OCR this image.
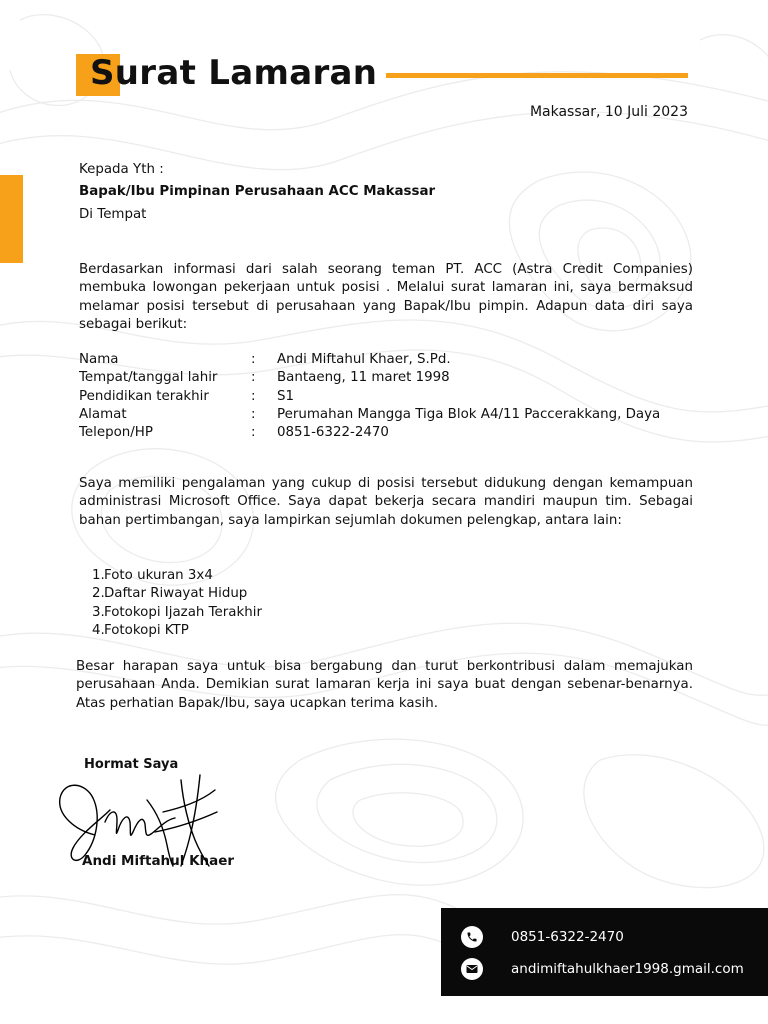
Surat Lamaran
Makassar, 10 Juli 2023
Kepada Yth :
Bapak/Ibu Pimpinan Perusahaan ACC Makassar
Di Tempat
Berdasarkan informasi dari salah seorang teman PT. ACC (Astra Credit Companies) membuka lowongan pekerjaan untuk posisi . Melalui surat lamaran ini, saya bermaksud melamar posisi tersebut di perusahaan yang Bapak/Ibu pimpin. Adapun data diri saya sebagai berikut:
Nama	:	Andi Miftahul Khaer, S.Pd.
Tempat/tanggal lahir	:	Bantaeng, 11 maret 1998
Pendidikan terakhir	:	S1
Alamat	:	Perumahan Mangga Tiga Blok A4/11 Paccerakkang, Daya
Telepon/HP	:	0851-6322-2470
Saya memiliki pengalaman yang cukup di posisi tersebut didukung dengan kemampuan administrasi Microsoft Office. Saya dapat bekerja secara mandiri maupun tim. Sebagai bahan pertimbangan, saya lampirkan sejumlah dokumen pelengkap, antara lain:
1. Foto ukuran 3x4
2. Daftar Riwayat Hidup
3. Fotokopi Ijazah Terakhir
4. Fotokopi KTP
Besar harapan saya untuk bisa bergabung dan turut berkontribusi dalam memajukan perusahaan Anda. Demikian surat lamaran kerja ini saya buat dengan sebenar-benarnya. Atas perhatian Bapak/Ibu, saya ucapkan terima kasih.
Hormat Saya
Andi Miftahul Khaer
0851-6322-2470
andimiftahulkhaer1998.gmail.com
